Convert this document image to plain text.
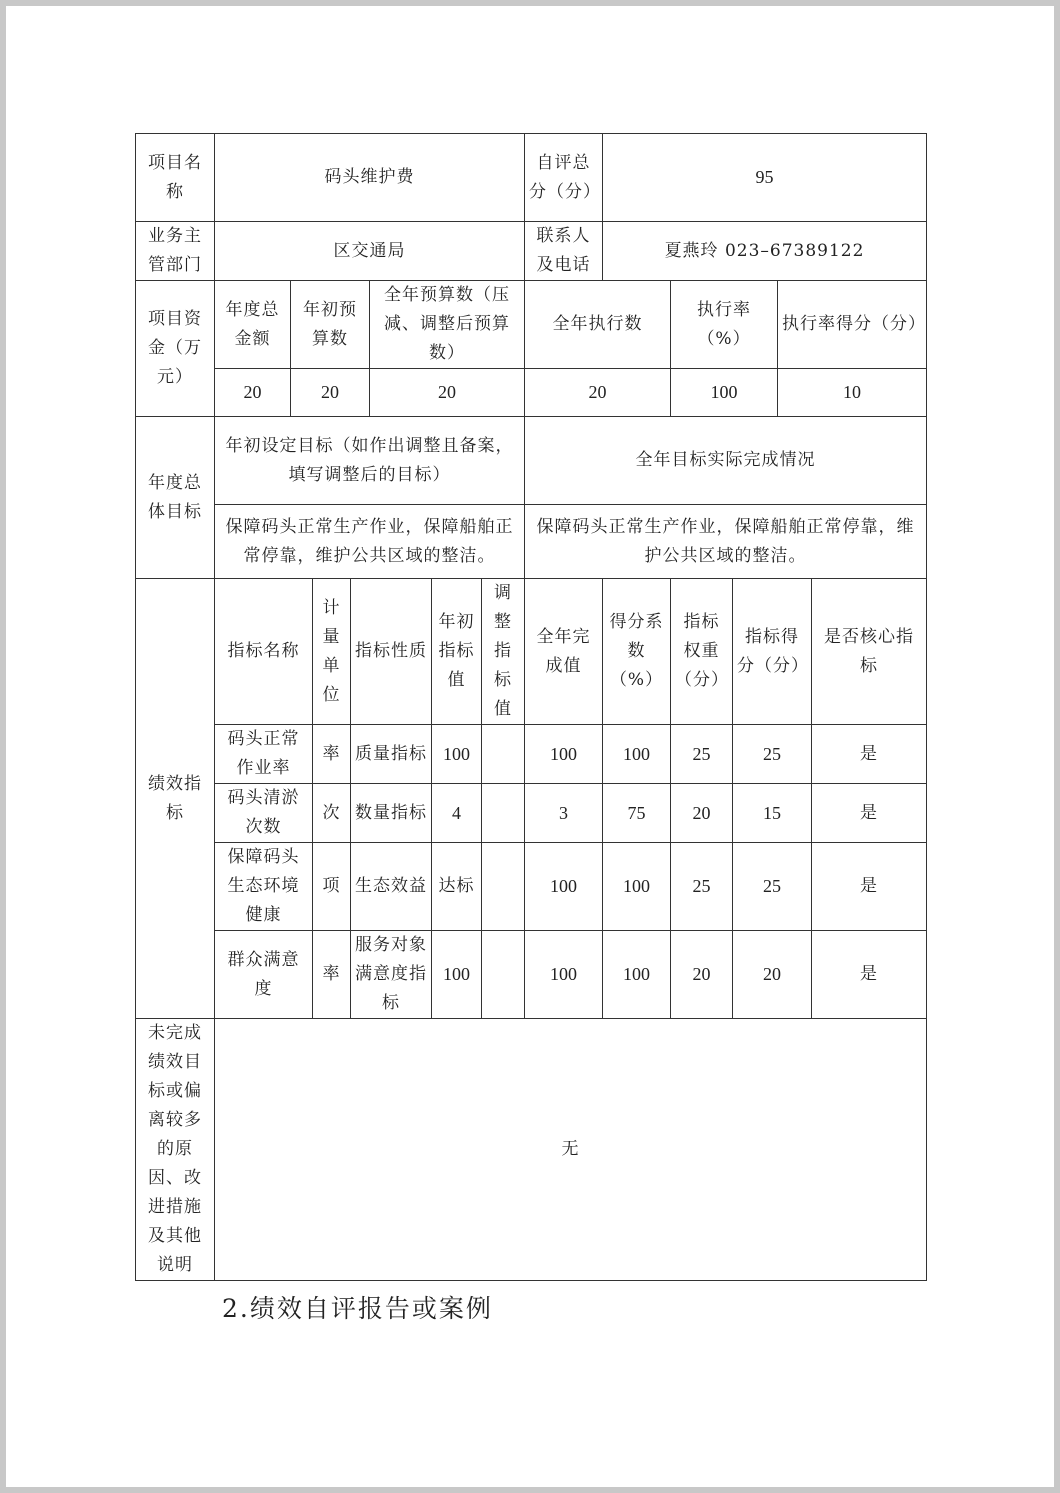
项目名称	码头维护费							自评总分（分）	95				
业务主管部门	区交通局							联系人及电话	夏燕玲 023–67389122				
项目资金（万元）	年度总金额	年初预算数			全年预算数（压减、调整后预算数）			全年执行数		执行率（%）		执行率得分（分）	
	20	20			20			20		100		10	
年度总体目标	年初设定目标（如作出调整且备案，填写调整后的目标）							全年目标实际完成情况					
	保障码头正常生产作业，保障船舶正常停靠，维护公共区域的整洁。							保障码头正常生产作业，保障船舶正常停靠，维护公共区域的整洁。					
绩效指标	指标名称		计量单位	指标性质		年初指标值	调整指标值	全年完成值	得分系数（%）	指标权重（分）	指标得分（分）		是否核心指标
	码头正常作业率		率	质量指标		100		100	100	25	25		是
	码头清淤次数		次	数量指标		4		3	75	20	15		是
	保障码头生态环境健康		项	生态效益		达标		100	100	25	25		是
	群众满意度		率	服务对象满意度指标		100		100	100	20	20		是
未完成绩效目标或偏离较多的原因、改进措施及其他说明	无												
2.绩效自评报告或案例
